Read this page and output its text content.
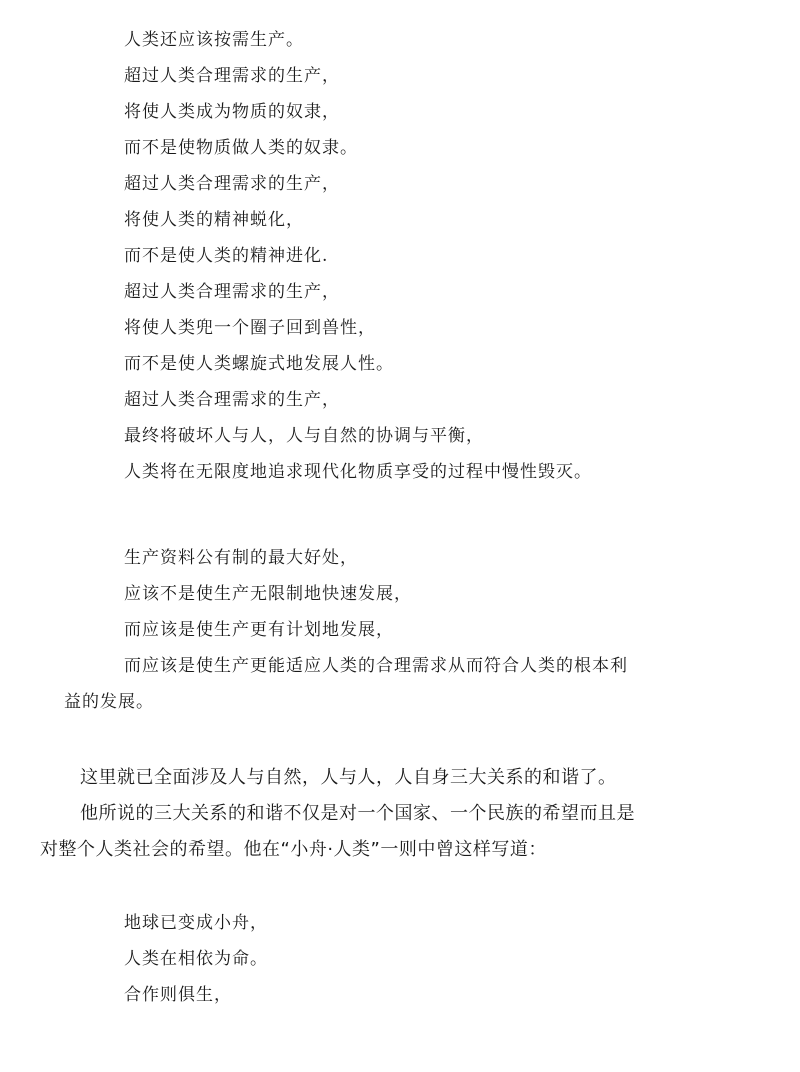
人类还应该按需生产。
超过人类合理需求的生产，
将使人类成为物质的奴隶，
而不是使物质做人类的奴隶。
超过人类合理需求的生产，
将使人类的精神蜕化，
而不是使人类的精神进化.
超过人类合理需求的生产，
将使人类兜一个圈子回到兽性，
而不是使人类螺旋式地发展人性。
超过人类合理需求的生产，
最终将破坏人与人，人与自然的协调与平衡，
人类将在无限度地追求现代化物质享受的过程中慢性毁灭。
生产资料公有制的最大好处，
应该不是使生产无限制地快速发展，
而应该是使生产更有计划地发展，
而应该是使生产更能适应人类的合理需求从而符合人类的根本利
益的发展。
这里就已全面涉及人与自然，人与人，人自身三大关系的和谐了。
他所说的三大关系的和谐不仅是对一个国家、一个民族的希望而且是
对整个人类社会的希望。他在“小舟·人类”一则中曾这样写道：
地球已变成小舟，
人类在相依为命。
合作则俱生，
